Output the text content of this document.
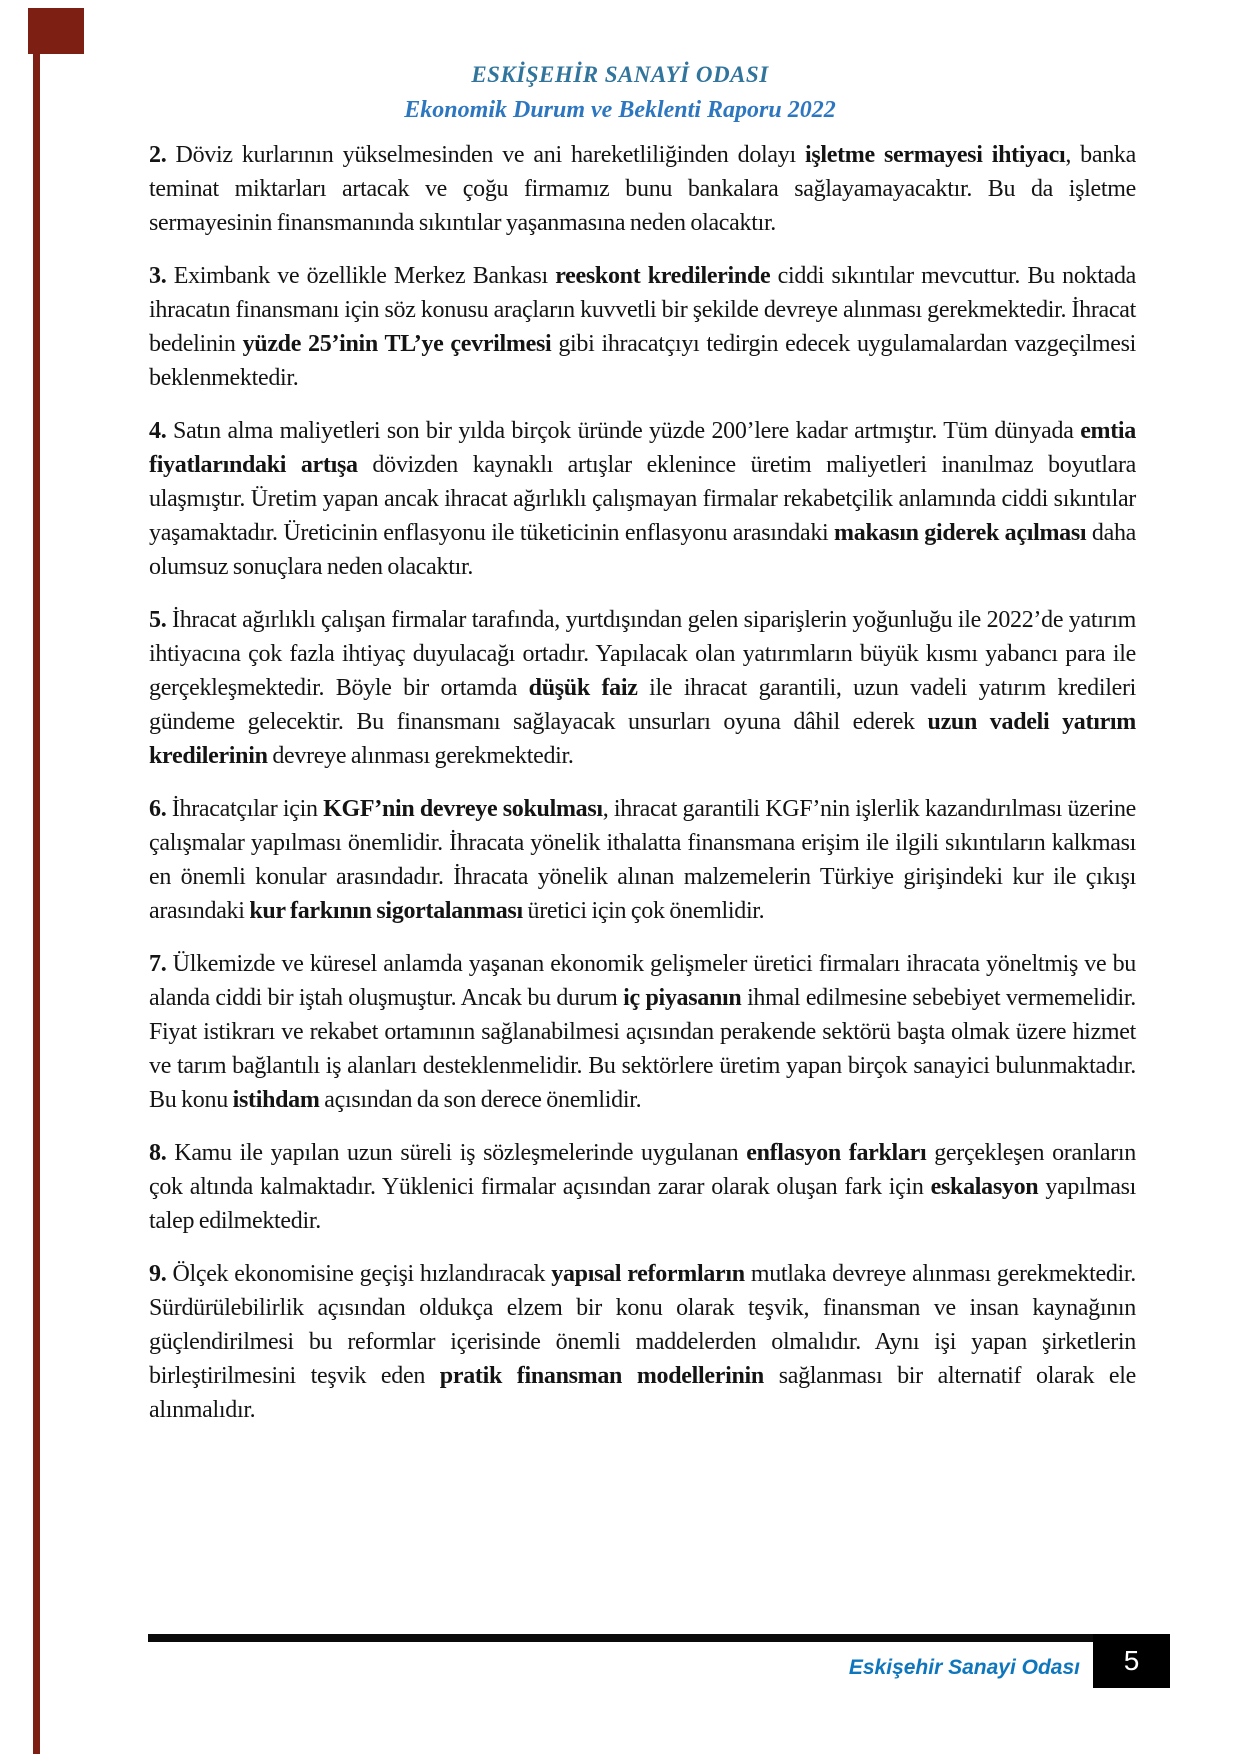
ESKİŞEHİR SANAYİ ODASI
Ekonomik Durum ve Beklenti Raporu 2022

2. Döviz kurlarının yükselmesinden ve ani hareketliliğinden dolayı işletme sermayesi ihtiyacı, banka teminat miktarları artacak ve çoğu firmamız bunu bankalara sağlayamayacaktır. Bu da işletme sermayesinin finansmanında sıkıntılar yaşanmasına neden olacaktır.

3. Eximbank ve özellikle Merkez Bankası reeskont kredilerinde ciddi sıkıntılar mevcuttur. Bu noktada ihracatın finansmanı için söz konusu araçların kuvvetli bir şekilde devreye alınması gerekmektedir. İhracat bedelinin yüzde 25’inin TL’ye çevrilmesi gibi ihracatçıyı tedirgin edecek uygulamalardan vazgeçilmesi beklenmektedir.

4. Satın alma maliyetleri son bir yılda birçok üründe yüzde 200’lere kadar artmıştır. Tüm dünyada emtia fiyatlarındaki artışa dövizden kaynaklı artışlar eklenince üretim maliyetleri inanılmaz boyutlara ulaşmıştır. Üretim yapan ancak ihracat ağırlıklı çalışmayan firmalar rekabetçilik anlamında ciddi sıkıntılar yaşamaktadır. Üreticinin enflasyonu ile tüketicinin enflasyonu arasındaki makasın giderek açılması daha olumsuz sonuçlara neden olacaktır.

5. İhracat ağırlıklı çalışan firmalar tarafında, yurtdışından gelen siparişlerin yoğunluğu ile 2022’de yatırım ihtiyacına çok fazla ihtiyaç duyulacağı ortadır. Yapılacak olan yatırımların büyük kısmı yabancı para ile gerçekleşmektedir. Böyle bir ortamda düşük faiz ile ihracat garantili, uzun vadeli yatırım kredileri gündeme gelecektir. Bu finansmanı sağlayacak unsurları oyuna dâhil ederek uzun vadeli yatırım kredilerinin devreye alınması gerekmektedir.

6. İhracatçılar için KGF’nin devreye sokulması, ihracat garantili KGF’nin işlerlik kazandırılması üzerine çalışmalar yapılması önemlidir. İhracata yönelik ithalatta finansmana erişim ile ilgili sıkıntıların kalkması en önemli konular arasındadır. İhracata yönelik alınan malzemelerin Türkiye girişindeki kur ile çıkışı arasındaki kur farkının sigortalanması üretici için çok önemlidir.

7. Ülkemizde ve küresel anlamda yaşanan ekonomik gelişmeler üretici firmaları ihracata yöneltmiş ve bu alanda ciddi bir iştah oluşmuştur. Ancak bu durum iç piyasanın ihmal edilmesine sebebiyet vermemelidir. Fiyat istikrarı ve rekabet ortamının sağlanabilmesi açısından perakende sektörü başta olmak üzere hizmet ve tarım bağlantılı iş alanları desteklenmelidir. Bu sektörlere üretim yapan birçok sanayici bulunmaktadır. Bu konu istihdam açısından da son derece önemlidir.

8. Kamu ile yapılan uzun süreli iş sözleşmelerinde uygulanan enflasyon farkları gerçekleşen oranların çok altında kalmaktadır. Yüklenici firmalar açısından zarar olarak oluşan fark için eskalasyon yapılması talep edilmektedir.

9. Ölçek ekonomisine geçişi hızlandıracak yapısal reformların mutlaka devreye alınması gerekmektedir. Sürdürülebilirlik açısından oldukça elzem bir konu olarak teşvik, finansman ve insan kaynağının güçlendirilmesi bu reformlar içerisinde önemli maddelerden olmalıdır. Aynı işi yapan şirketlerin birleştirilmesini teşvik eden pratik finansman modellerinin sağlanması bir alternatif olarak ele alınmalıdır.

Eskişehir Sanayi Odası 5
